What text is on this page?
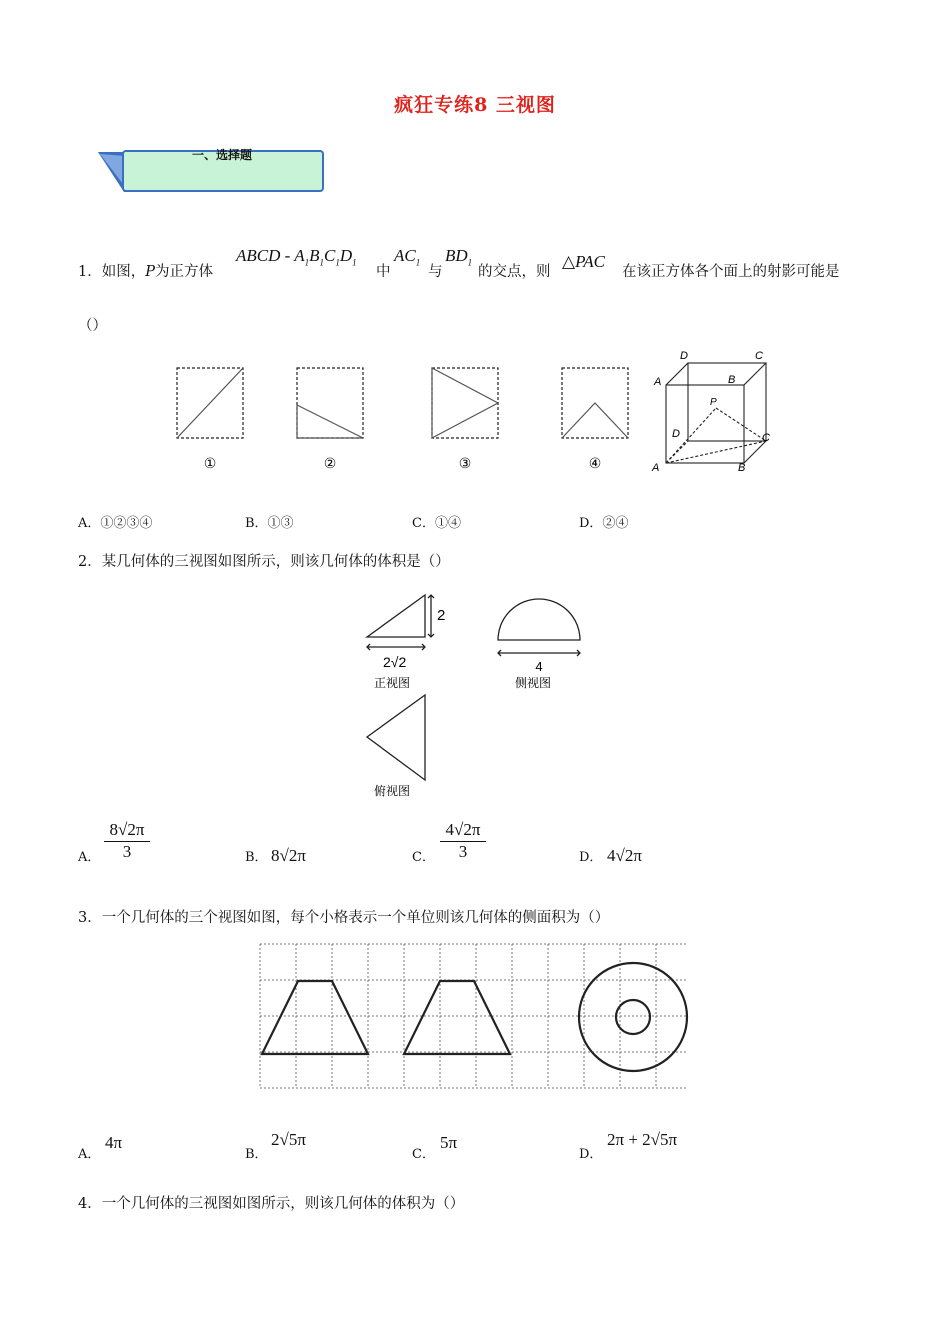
疯狂专练8 三视图
一、选择题
1．如图，P为正方体
ABCD - $A_1B_1C_1D_1$
中
$AC_1$
与
$BD_1$
的交点，则
△PAC
在该正方体各个面上的射影可能是
（）
①	②	③	④
D	C
A	B
P
D	C
A	B
A．①②③④	B．①③	C．①④	D．②④
2．某几何体的三视图如图所示，则该几何体的体积是（）
2
2√2	4
正视图	侧视图
俯视图
A．
8√2π
3	B． 8√2π	C．
4√2π
3	D． 4√2π
3．一个几何体的三个视图如图，每个小格表示一个单位则该几何体的侧面积为（）
A．
4π
B．
2√5π
C．
5π
D．
2π + 2√5π
4．一个几何体的三视图如图所示，则该几何体的体积为（）
